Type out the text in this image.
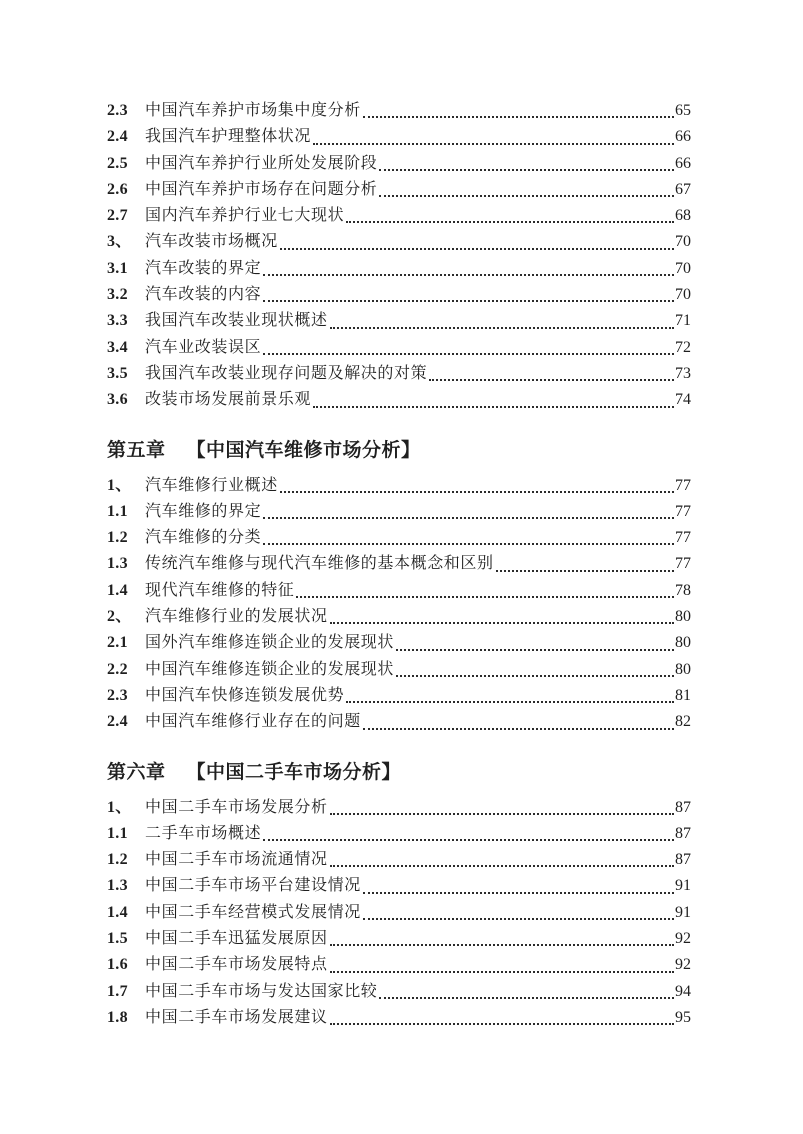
2.3	中国汽车养护市场集中度分析	65
2.4	我国汽车护理整体状况	66
2.5	中国汽车养护行业所处发展阶段	66
2.6	中国汽车养护市场存在问题分析	67
2.7	国内汽车养护行业七大现状	68
3、 汽车改装市场概况	70
3.1	汽车改装的界定	70
3.2	汽车改装的内容	70
3.3	我国汽车改装业现状概述	71
3.4	汽车业改装误区	72
3.5	我国汽车改装业现存问题及解决的对策	73
3.6	改装市场发展前景乐观	74
第五章 【中国汽车维修市场分析】
1、 汽车维修行业概述	77
1.1	汽车维修的界定	77
1.2	汽车维修的分类	77
1.3	传统汽车维修与现代汽车维修的基本概念和区别	77
1.4	现代汽车维修的特征	78
2、 汽车维修行业的发展状况	80
2.1	国外汽车维修连锁企业的发展现状	80
2.2	中国汽车维修连锁企业的发展现状	80
2.3	中国汽车快修连锁发展优势	81
2.4	中国汽车维修行业存在的问题	82
第六章 【中国二手车市场分析】
1、 中国二手车市场发展分析	87
1.1	二手车市场概述	87
1.2	中国二手车市场流通情况	87
1.3	中国二手车市场平台建设情况	91
1.4	中国二手车经营模式发展情况	91
1.5	中国二手车迅猛发展原因	92
1.6	中国二手车市场发展特点	92
1.7	中国二手车市场与发达国家比较	94
1.8	中国二手车市场发展建议	95
